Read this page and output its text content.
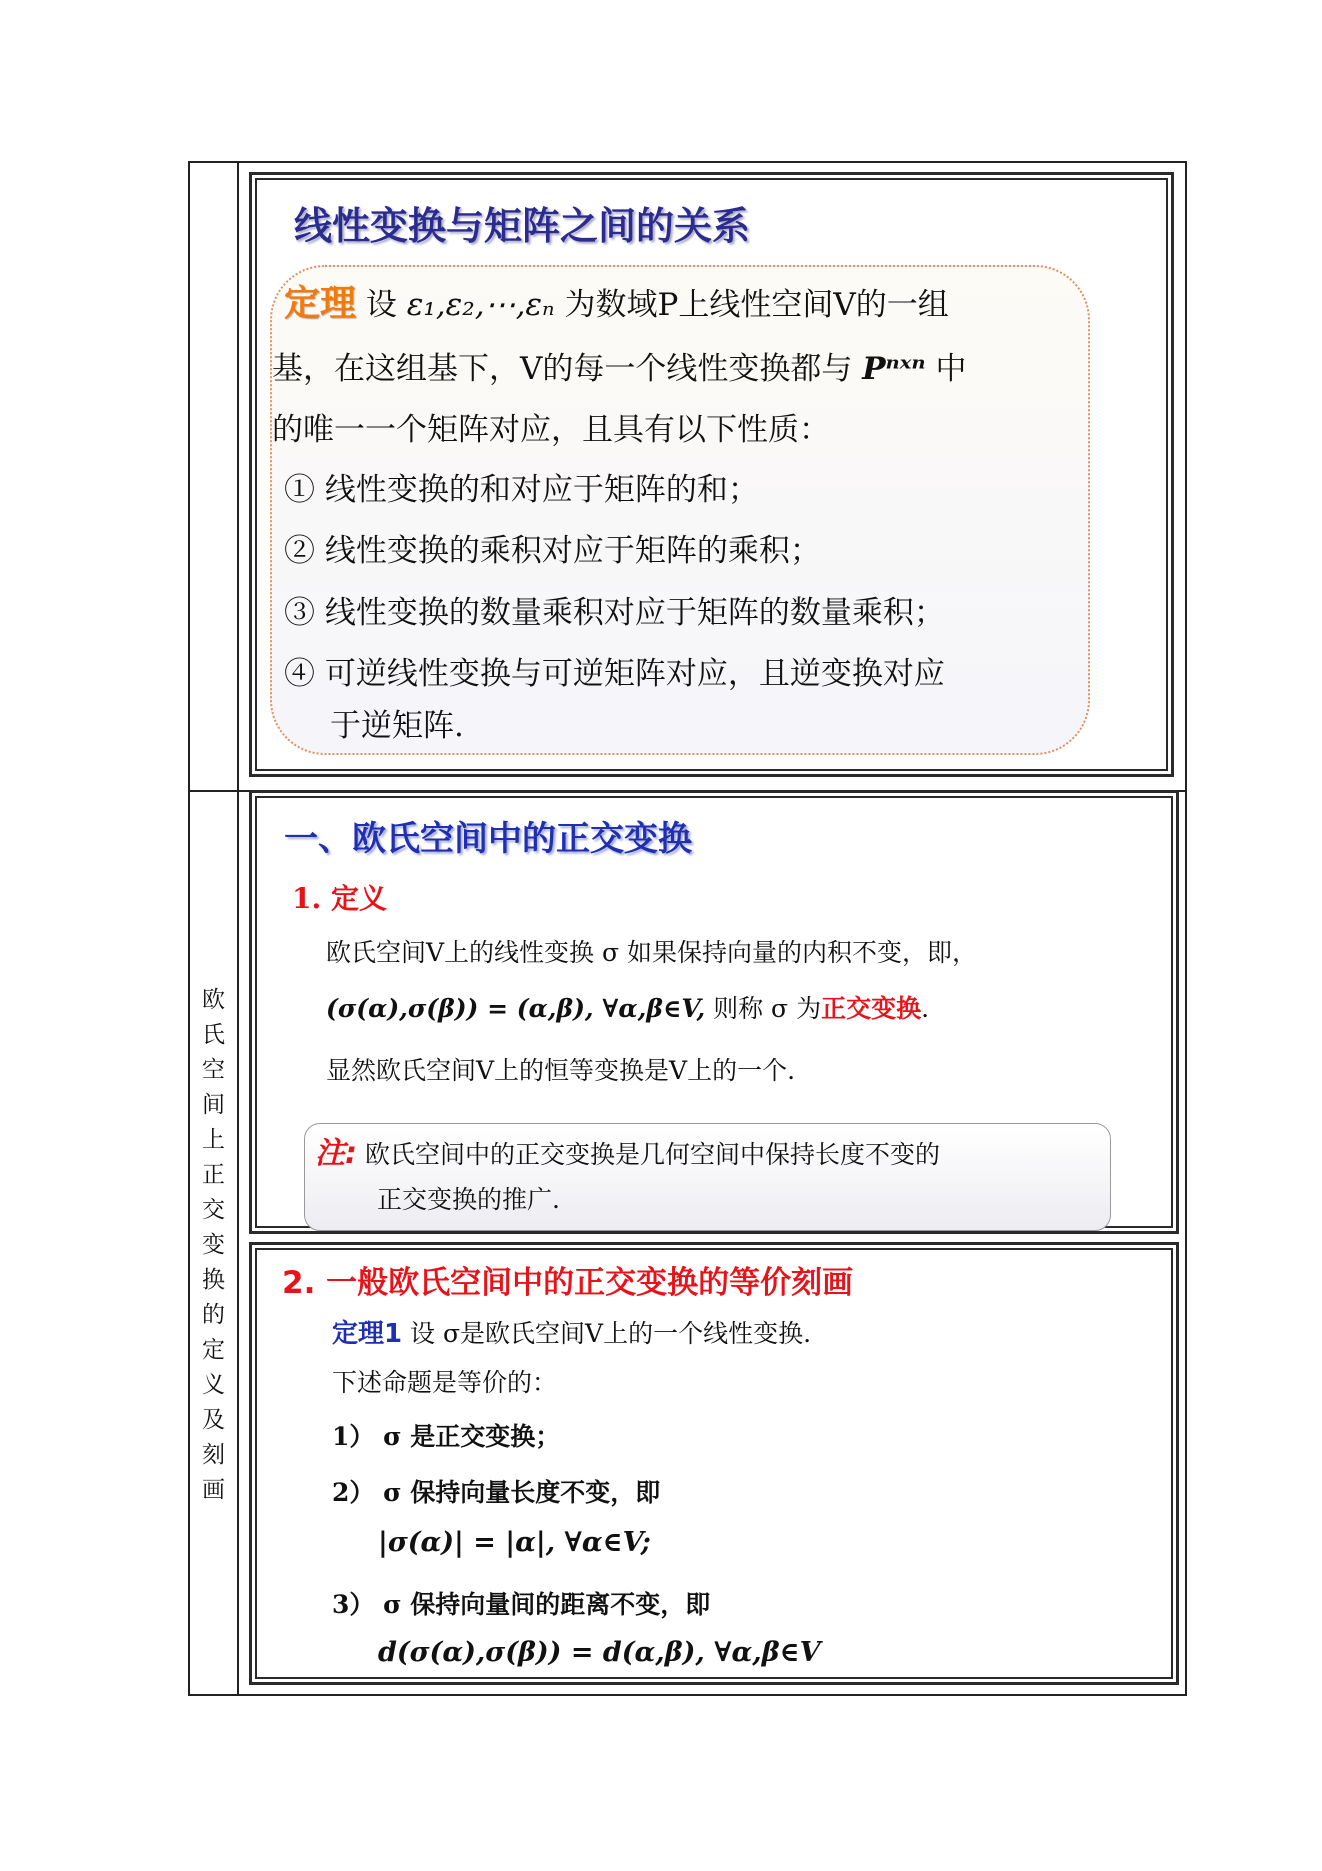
欧
氏
空
间
上
正
交
变
换
的
定
义
及
刻
画
线性变换与矩阵之间的关系
定理 设 ε₁,ε₂,⋯,εₙ 为数域P上线性空间V的一组
基，在这组基下，V的每一个线性变换都与 Pⁿˣⁿ 中
的唯一一个矩阵对应，且具有以下性质：
① 线性变换的和对应于矩阵的和；
② 线性变换的乘积对应于矩阵的乘积；
③ 线性变换的数量乘积对应于矩阵的数量乘积；
④ 可逆线性变换与可逆矩阵对应，且逆变换对应
于逆矩阵.
一、欧氏空间中的正交变换
1. 定义
欧氏空间V上的线性变换 σ 如果保持向量的内积不变，即，
(σ(α),σ(β)) = (α,β), ∀α,β∈V, 则称 σ 为正交变换.
显然欧氏空间V上的恒等变换是V上的一个.
注: 欧氏空间中的正交变换是几何空间中保持长度不变的
正交变换的推广.
2. 一般欧氏空间中的正交变换的等价刻画
定理1 设 σ是欧氏空间V上的一个线性变换.
下述命题是等价的：
1） σ 是正交变换；
2） σ 保持向量长度不变，即
|σ(α)| = |α|, ∀α∈V;
3） σ 保持向量间的距离不变，即
d(σ(α),σ(β)) = d(α,β), ∀α,β∈V
